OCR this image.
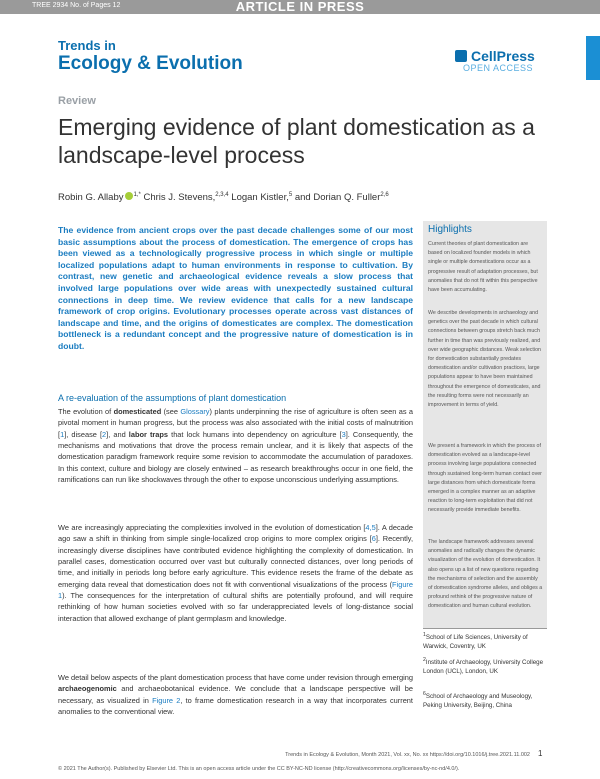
TREE 2934 No. of Pages 12	ARTICLE IN PRESS
Trends in
Ecology & Evolution	CellPress
OPEN ACCESS
Review
Emerging evidence of plant domestication as a landscape-level process
Robin G. Allaby $^{1,*}$ Chris J. Stevens,$^{2,3,4}$ Logan Kistler,$^5$ and Dorian Q. Fuller$^{2,6}$
The evidence from ancient crops over the past decade challenges some of our most basic assumptions about the process of domestication. The emergence of crops has been viewed as a technologically progressive process in which single or multiple localized populations adapt to human environments in response to cultivation. By contrast, new genetic and archaeological evidence reveals a slow process that involved large populations over wide areas with unexpectedly sustained cultural connections in deep time. We review evidence that calls for a new landscape framework of crop origins. Evolutionary processes operate across vast distances of landscape and time, and the origins of domesticates are complex. The domestication bottleneck is a redundant concept and the progressive nature of domestication is in doubt.
A re-evaluation of the assumptions of plant domestication
The evolution of domesticated (see Glossary) plants underpinning the rise of agriculture is often seen as a pivotal moment in human progress, but the process was also associated with the initial costs of malnutrition [1], disease [2], and labor traps that lock humans into dependency on agriculture [3]. Consequently, the mechanisms and motivations that drove the process remain unclear, and it is likely that aspects of the domestication paradigm framework require some revision to accommodate the accumulation of paradoxes. In this context, culture and biology are closely entwined – as research breakthroughs occur in one field, the ramifications can run like shockwaves through the other to expose unconscious underlying assumptions.
We are increasingly appreciating the complexities involved in the evolution of domestication [4,5]. A decade ago saw a shift in thinking from simple single-localized crop origins to more complex origins [6]. Recently, increasingly diverse disciplines have contributed evidence highlighting the complexity of domestication. In parallel cases, domestication occurred over vast but culturally connected distances, over long periods of time, and initially in periods long before early agriculture. This evidence resets the frame of the debate as emerging data reveal that domestication does not fit with conventional visualizations of the process (Figure 1). The consequences for the interpretation of cultural shifts are potentially profound, and will require rethinking of how human societies evolved with so far underappreciated levels of long-distance social interaction that allowed exchange of plant germplasm and knowledge.
We detail below aspects of the plant domestication process that have come under revision through emerging archaeogenomic and archaeobotanical evidence. We conclude that a landscape perspective will be necessary, as visualized in Figure 2, to frame domestication research in a way that incorporates current anomalies to the conventional view.
Highlights
Current theories of plant domestication are based on localized founder models in which single or multiple domestications occur as a progressive result of adaptation processes, but anomalies that do not fit within this perspective have been accumulating.
We describe developments in archaeology and genetics over the past decade in which cultural connections between groups stretch back much further in time than was previously realized, and over wide geographic distances. Weak selection for domestication substantially predates domestication and/or cultivation practices, large populations appear to have been maintained throughout the emergence of domesticates, and the resulting forms were not necessarily an improvement in terms of yield.
We present a framework in which the process of domestication evolved as a landscape-level process involving large populations connected through sustained long-term human contact over large distances from which domesticate forms emerged in a complex manner as an adaptive reaction to long-term exploitation that did not necessarily provide immediate benefits.
The landscape framework addresses several anomalies and radically changes the dynamic visualization of the evolution of domestication. It also opens up a list of new questions regarding the mechanisms of selection and the assembly of domestication syndrome alleles, and obliges a profound rethink of the progressive nature of domestication and human cultural evolution.
$^1$School of Life Sciences, University of Warwick, Coventry, UK
$^2$Institute of Archaeology, University College London (UCL), London, UK
$^6$School of Archaeology and Museology, Peking University, Beijing, China
Trends in Ecology & Evolution, Month 2021, Vol. xx, No. xx https://doi.org/10.1016/j.tree.2021.11.002 1
© 2021 The Author(s). Published by Elsevier Ltd. This is an open access article under the CC BY-NC-ND license (http://creativecommons.org/licenses/by-nc-nd/4.0/).
